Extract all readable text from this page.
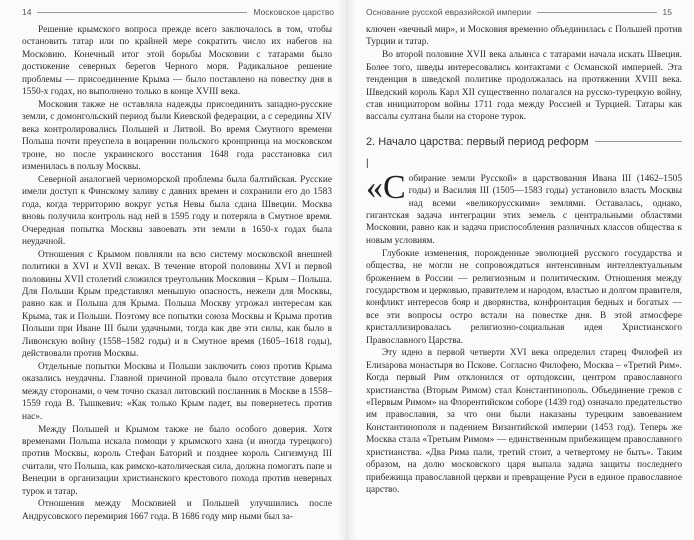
14	Московское царство

Решение крымского вопроса прежде всего заключалось в том, чтобы остановить татар или по крайней мере сократить число их набегов на Московию. Конечный итог этой борьбы Московии с татарами было достижение северных берегов Черного моря. Радикальное решение проблемы — присоединение Крыма — было поставлено на повестку дня в 1550-х годах, но выполнено только в конце XVIII века.

Московия также не оставляла надежды присоединить западно-русские земли, с домонгольский период были Киевской федерации, а с середины XIV века контролировались Польшей и Литвой. Во время Смутного времени Польша почти преуспела в воцарении польского кронпринца на московском троне, но после украинского восстания 1648 года расстановка сил изменилась в пользу Москвы.

Северной аналогией черноморской проблемы была балтийская. Русские имели доступ к Финскому заливу с давних времен и сохранили его до 1583 года, когда территорию вокруг устья Невы была сдана Швеции. Москва вновь получила контроль над ней в 1595 году и потеряла в Смутное время. Очередная попытка Москвы завоевать эти земли в 1650-х годах была неудачной.

Отношения с Крымом повлияли на всю систему московской внешней политики в XVI и XVII веках. В течение второй половины XVI и первой половины XVII столетий сложился треугольник Московия – Крым – Польша. Для Польши Крым представлял меньшую опасность, нежели для Москвы, равно как и Польша для Крыма. Польша Москву угрожал интересам как Крыма, так и Польши. Поэтому все попытки союза Москвы и Крыма против Польши при Иване III были удачными, тогда как две эти силы, как было в Ливонскую войну (1558–1582 годы) и в Смутное время (1605–1618 годы), действовали против Москвы.

Отдельные попытки Москвы и Польши заключить союз против Крыма оказались неудачны. Главной причиной провала было отсутствие доверия между сторонами, о чем точно сказал литовский посланник в Москве в 1558–1559 года В. Тышкевич: «Как только Крым падет, вы повернетесь против нас».

Между Польшей и Крымом также не было особого доверия. Хотя временами Польша искала помощи у крымского хана (и иногда турецкого) против Москвы, король Стефан Баторий и позднее король Сигизмунд III считали, что Польша, как римско-католическая сила, должна помогать папе и Венеции в организации христианского крестового похода против неверных турок и татар.

Отношения между Московией и Польшей улучшились после Андрусовского перемирия 1667 года. В 1686 году мир ными был за-

Основание русской евразийской империи	15

ключен «вечный мир», и Московия временно объединилась с Польшей против Турции и татар.

Во второй половине XVII века альянса с татарами начала искать Швеция. Более того, шведы интересовались контактами с Османской империей. Эта тенденция в шведской политике продолжалась на протяжении XVIII века. Шведский король Карл XII существенно полагался на русско-турецкую войну, став инициатором войны 1711 года между Россией и Турцией. Татары как вассалы султана были на стороне турок.

2. Начало царства: первый период реформ
|

«Собирание земли Русской» в царствования Ивана III (1462–1505 годы) и Василия III (1505—1583 годы) установило власть Москвы над всеми «великорусскими» землями. Оставалась, однако, гигантская задача интеграции этих земель с центральными областями Московии, равно как и задача приспособления различных классов общества к новым условиям.

Глубокие изменения, порожденные эволюцией русского государства и общества, не могли не сопровождаться интенсивным интеллектуальным брожением в России — религиозным и политическим. Отношения между государством и церковью, правителем и народом, властью и долгом правителя, конфликт интересов бояр и дворянства, конфронтация бедных и богатых — все эти вопросы остро встали на повестке дня. В этой атмосфере кристаллизировалась религиозно-социальная идея Христианского Православного Царства.

Эту идею в первой четверти XVI века определил старец Филофей из Елизарова монастыря во Пскове. Согласно Филофею, Москва – «Третий Рим». Когда первый Рим отклонился от ортодоксии, центром православного христианства (Вторым Римом) стал Константинополь. Объединение греков с «Первым Римом» на Флорентийском соборе (1439 год) означало предательство им православия, за что они были наказаны турецким завоеванием Константинополя и падением Византийской империи (1453 год). Теперь же Москва стала «Третьим Римом» — единственным прибежищем православного христианства. «Два Рима пали, третий стоит, а четвертому не быть». Таким образом, на долю московского царя выпала задача защиты последнего прибежища православной церкви и превращение Руси в единое православное царство.
